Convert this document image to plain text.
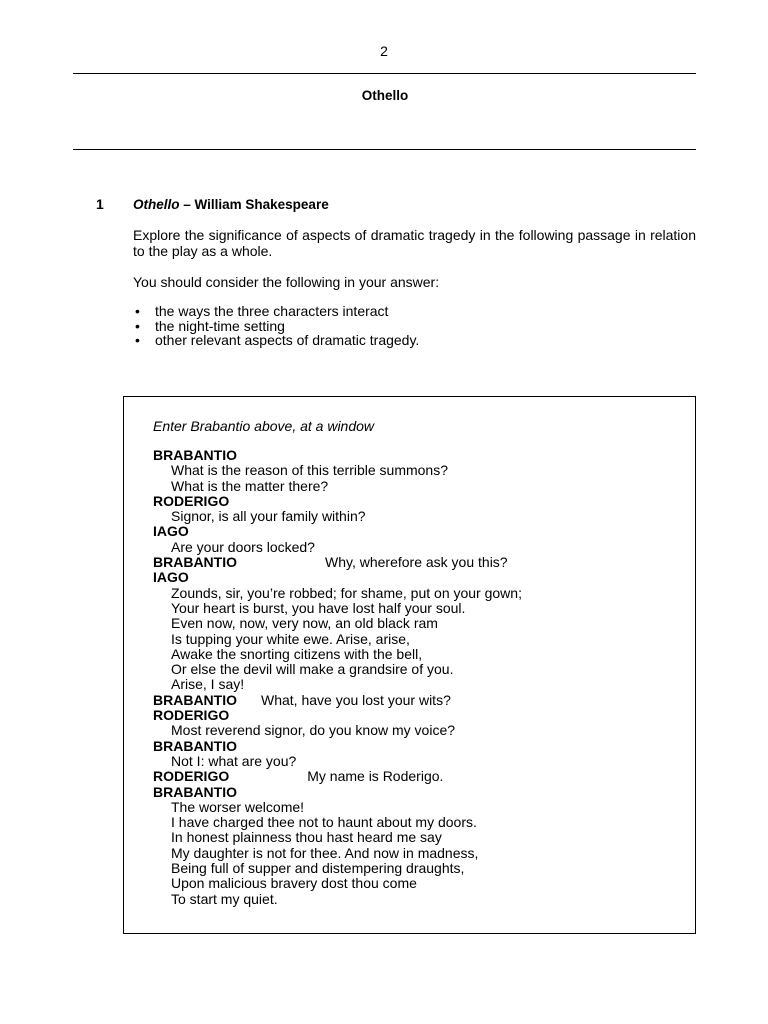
2
Othello
1 Othello – William Shakespeare
Explore the significance of aspects of dramatic tragedy in the following passage in relation to the play as a whole.
You should consider the following in your answer:
• the ways the three characters interact
• the night-time setting
• other relevant aspects of dramatic tragedy.
Enter Brabantio above, at a window
BRABANTIO
What is the reason of this terrible summons?
What is the matter there?
RODERIGO
Signor, is all your family within?
IAGO
Are your doors locked?
BRABANTIO	Why, wherefore ask you this?
IAGO
Zounds, sir, you’re robbed; for shame, put on your gown;
Your heart is burst, you have lost half your soul.
Even now, now, very now, an old black ram
Is tupping your white ewe. Arise, arise,
Awake the snorting citizens with the bell,
Or else the devil will make a grandsire of you.
Arise, I say!
BRABANTIO What, have you lost your wits?
RODERIGO
Most reverend signor, do you know my voice?
BRABANTIO
Not I: what are you?
RODERIGO	My name is Roderigo.
BRABANTIO
The worser welcome!
I have charged thee not to haunt about my doors.
In honest plainness thou hast heard me say
My daughter is not for thee. And now in madness,
Being full of supper and distempering draughts,
Upon malicious bravery dost thou come
To start my quiet.
